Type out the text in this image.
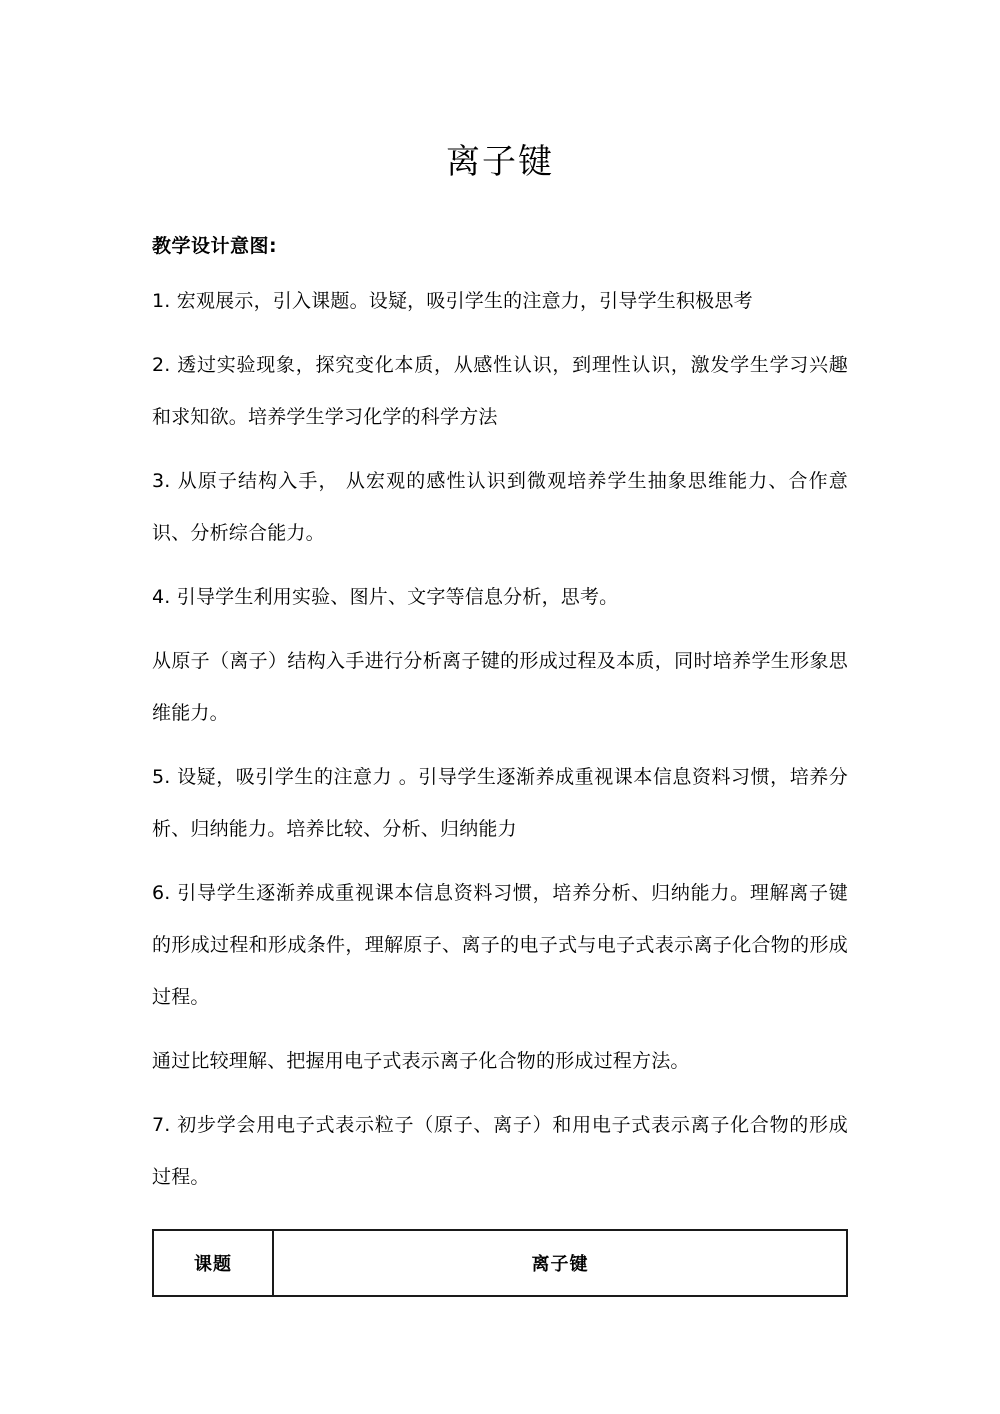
离子键
教学设计意图:

1. 宏观展示，引入课题。设疑，吸引学生的注意力，引导学生积极思考

2. 透过实验现象，探究变化本质，从感性认识，到理性认识，激发学生学习兴趣和求知欲。培养学生学习化学的科学方法

3. 从原子结构入手， 从宏观的感性认识到微观培养学生抽象思维能力、合作意识、分析综合能力。

4. 引导学生利用实验、图片、文字等信息分析，思考。

从原子（离子）结构入手进行分析离子键的形成过程及本质，同时培养学生形象思维能力。

5. 设疑，吸引学生的注意力 。引导学生逐渐养成重视课本信息资料习惯，培养分析、归纳能力。培养比较、分析、归纳能力

6. 引导学生逐渐养成重视课本信息资料习惯，培养分析、归纳能力。理解离子键的形成过程和形成条件，理解原子、离子的电子式与电子式表示离子化合物的形成过程。

通过比较理解、把握用电子式表示离子化合物的形成过程方法。

7. 初步学会用电子式表示粒子（原子、离子）和用电子式表示离子化合物的形成过程。

课题	离子键
